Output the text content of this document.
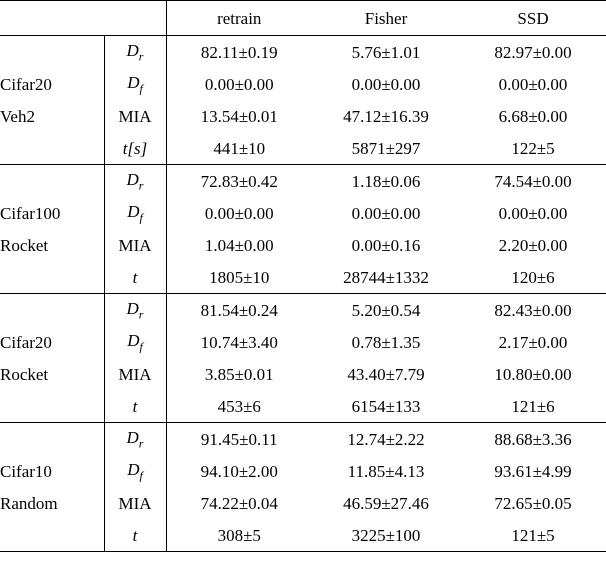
		retrain	Fisher	SSD
	$D_r$	82.11±0.19	5.76±1.01	82.97±0.00

Cifar20	$D_f$	0.00±0.00	0.00±0.00	0.00±0.00

Veh2	MIA	13.54±0.01	47.12±16.39	6.68±0.00
	t[s]	441±10	5871±297	122±5
	$D_r$	72.83±0.42	1.18±0.06	74.54±0.00

Cifar100	$D_f$	0.00±0.00	0.00±0.00	0.00±0.00

Rocket	MIA	1.04±0.00	0.00±0.16	2.20±0.00
	t	1805±10	28744±1332	120±6
	$D_r$	81.54±0.24	5.20±0.54	82.43±0.00

Cifar20	$D_f$	10.74±3.40	0.78±1.35	2.17±0.00

Rocket	MIA	3.85±0.01	43.40±7.79	10.80±0.00
	t	453±6	6154±133	121±6
	$D_r$	91.45±0.11	12.74±2.22	88.68±3.36

Cifar10	$D_f$	94.10±2.00	11.85±4.13	93.61±4.99

Random	MIA	74.22±0.04	46.59±27.46	72.65±0.05
	t	308±5	3225±100	121±5
